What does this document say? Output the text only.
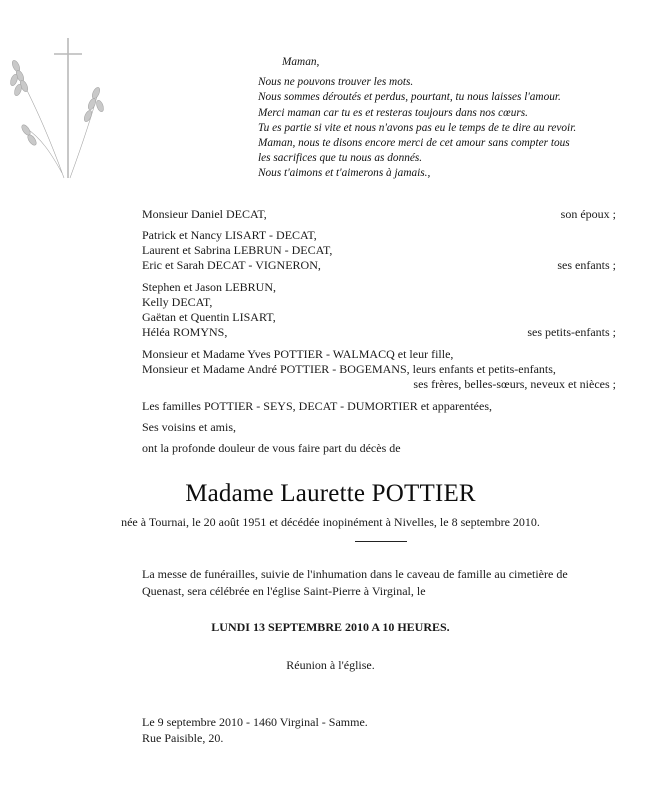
Maman,
Nous ne pouvons trouver les mots.
Nous sommes déroutés et perdus, pourtant, tu nous laisses l'amour.
Merci maman car tu es et resteras toujours dans nos cœurs.
Tu es partie si vite et nous n'avons pas eu le temps de te dire au revoir.
Maman, nous te disons encore merci de cet amour sans compter tous
les sacrifices que tu nous as donnés.
Nous t'aimons et t'aimerons à jamais.,
Monsieur Daniel DECAT,	son époux ;
Patrick et Nancy LISART - DECAT,
Laurent et Sabrina LEBRUN - DECAT,
Eric et Sarah DECAT - VIGNERON,	ses enfants ;
Stephen et Jason LEBRUN,
Kelly DECAT,
Gaëtan et Quentin LISART,
Héléa ROMYNS,	ses petits-enfants ;
Monsieur et Madame Yves POTTIER - WALMACQ et leur fille,
Monsieur et Madame André POTTIER - BOGEMANS, leurs enfants et petits-enfants,
ses frères, belles-sœurs, neveux et nièces ;
Les familles POTTIER - SEYS, DECAT - DUMORTIER et apparentées,
Ses voisins et amis,
ont la profonde douleur de vous faire part du décès de
Madame Laurette POTTIER
née à Tournai, le 20 août 1951 et décédée inopinément à Nivelles, le 8 septembre 2010.
La messe de funérailles, suivie de l'inhumation dans le caveau de famille au cimetière de
Quenast, sera célébrée en l'église Saint-Pierre à Virginal, le
LUNDI 13 SEPTEMBRE 2010 A 10 HEURES.
Réunion à l'église.
Le 9 septembre 2010 - 1460 Virginal - Samme.
Rue Paisible, 20.
